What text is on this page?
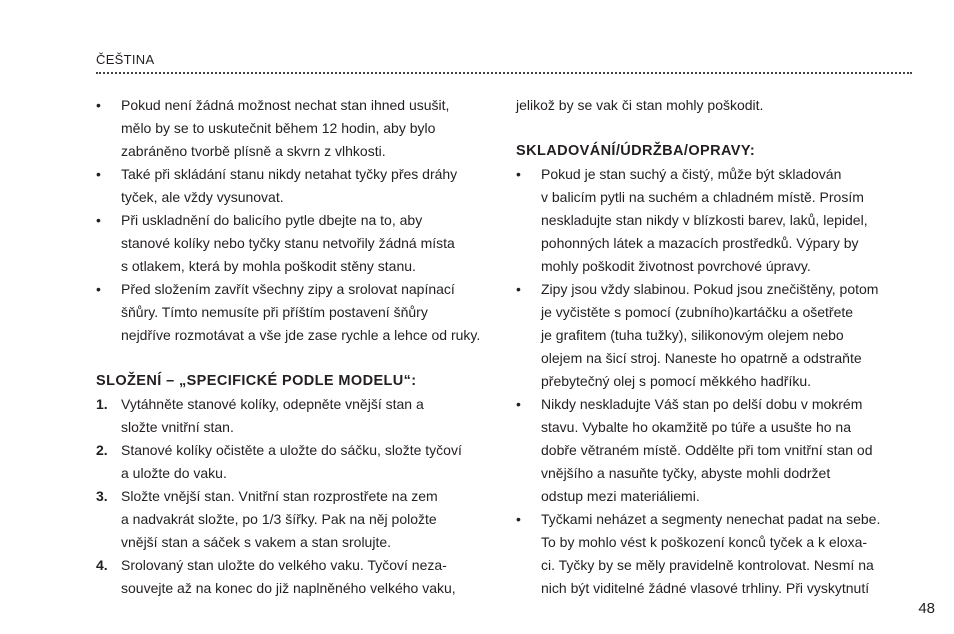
ČEŠTINA
• Pokud není žádná možnost nechat stan ihned usušit,
mělo by se to uskutečnit během 12 hodin, aby bylo
zabráněno tvorbě plísně a skvrn z vlhkosti.
• Také při skládání stanu nikdy netahat tyčky přes dráhy
tyček, ale vždy vysunovat.
• Při uskladnění do balicího pytle dbejte na to, aby
stanové kolíky nebo tyčky stanu netvořily žádná místa
s otlakem, která by mohla poškodit stěny stanu.
• Před složením zavřít všechny zipy a srolovat napínací
šňůry. Tímto nemusíte při příštím postavení šňůry
nejdříve rozmotávat a vše jde zase rychle a lehce od ruky.
SLOŽENÍ – „SPECIFICKÉ PODLE MODELU“:
1. Vytáhněte stanové kolíky, odepněte vnější stan a
složte vnitřní stan.
2. Stanové kolíky očistěte a uložte do sáčku, složte tyčoví
a uložte do vaku.
3. Složte vnější stan. Vnitřní stan rozprostřete na zem
a nadvakrát složte, po 1/3 šířky. Pak na něj položte
vnější stan a sáček s vakem a stan srolujte.
4. Srolovaný stan uložte do velkého vaku. Tyčoví neza-
souvejte až na konec do již naplněného velkého vaku,
jelikož by se vak či stan mohly poškodit.
SKLADOVÁNÍ/ÚDRŽBA/OPRAVY:
• Pokud je stan suchý a čistý, může být skladován
v balicím pytli na suchém a chladném místě. Prosím
neskladujte stan nikdy v blízkosti barev, laků, lepidel,
pohonných látek a mazacích prostředků. Výpary by
mohly poškodit životnost povrchové úpravy.
• Zipy jsou vždy slabinou. Pokud jsou znečištěny, potom
je vyčistěte s pomocí (zubního)kartáčku a ošetřete
je grafitem (tuha tužky), silikonovým olejem nebo
olejem na šicí stroj. Naneste ho opatrně a odstraňte
přebytečný olej s pomocí měkkého hadříku.
• Nikdy neskladujte Váš stan po delší dobu v mokrém
stavu. Vybalte ho okamžitě po túře a usušte ho na
dobře větraném místě. Oddělte při tom vnitřní stan od
vnějšího a nasuňte tyčky, abyste mohli dodržet
odstup mezi materiáliemi.
• Tyčkami neházet a segmenty nenechat padat na sebe.
To by mohlo vést k poškození konců tyček a k eloxa-
ci. Tyčky by se měly pravidelně kontrolovat. Nesmí na
nich být viditelné žádné vlasové trhliny. Při vyskytnutí
48
